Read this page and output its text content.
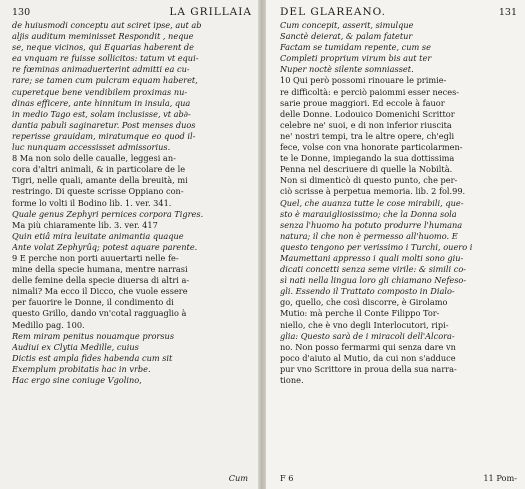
130	LA GRILLAIA
de huiusmodi conceptu aut sciret ipse, aut ab
aljis auditum meminisset Respondit , neque
se, neque vicinos, qui Equarias haberent de
ea vnquam re fuisse sollicitos: tatum vt equi-
re fœminas animaduerterint admitti ea cu-
rare; se tamen cum pulcram equam haberet,
cuperetque bene vendibilem proximas nu-
dinas efficere, ante hinnitum in insula, qua
in medio Tago est, solam inclusisse, vt ab∂-
dantia pabuli saginaretur. Post menses duos
reperisse grauidam, miratumque eo quod il-
luc nunquam accessisset admissorius.
8 Ma non solo delle caualle, leggesi an-
cora d'altri animali, & in particolare de le
Tigri, nelle quali, amante della breuità, mi
restringo. Di queste scrisse Oppiano con-
forme lo volti il Bodino lib. 1. ver. 341.
Quale genus Zephyri pernices corpora Tigres.
Ma più chiaramente lib. 3. ver. 417
Quin etiâ mira leuitate animantia quaque
Ante volat Zephyrûq; potest aquare parente.
9 E perche non porti auuertarti nelle fe-
mine della specie humana, mentre narrasi
delle femine della specie diuersa di altri a-
nimali? Ma ecco il Dicco, che vuole essere
per fauorire le Donne, il condimento di
questo Grillo, dando vn'cotal ragguaglio à
Medillo pag. 100.
Rem miram penitus nouamque prorsus
Audiui ex Clytia Medille, cuius
Dictis est ampla fides habenda cum sit
Exemplum probitatis hac in vrbe.
Hac ergo sine coniuge Vgolino,
Cum
DEL GLAREANO.	131
Cum concepit, asserit, simulque
Sanctè deierat, & palam fatetur
Factam se tumidam repente, cum se
Completi proprium virum bis aut ter
Nuper noctè silente somniasset.
10 Qui però possomi rinouare le primie-
re difficoltà: e perciò paiommi esser neces-
sarie proue maggiori. Ed eccole à fauor
delle Donne. Lodouico Domenichi Scrittor
celebre ne' suoi, e di non inferior riuscita
ne' nostri tempi, tra le altre opere, ch'egli
fece, volse con vna honorate particolarmen-
te le Donne, impiegando la sua dottissima
Penna nel descriuere di quelle la Nobiltà.
Non si dimenticò di questo punto, che per-
ciò scrisse à perpetua memoria. lib. 2 fol.99.
Quel, che auanza tutte le cose mirabili, que-
sto è marauigliosissimo; che la Donna sola
senza l'huomo ha potuto produrre l'humana
natura; il che non è permesso all'huomo. E
questo tengono per verissimo i Turchi, ouero i
Maumettani appresso i quali molti sono giu-
dicati concetti senza seme virile: & simili co-
sì nati nella lingua loro gli chiamano Nefeso-
gli. Essendo il Trattato composto in Dialo-
go, quello, che così discorre, è Girolamo
Mutio: mà perche il Conte Filippo Tor-
niello, che è vno degli Interlocutori, ripi-
glia: Questo sarà de i miracoli dell'Alcora-
no. Non posso fermarmi qui senza dare vn
poco d'aiuto al Mutio, da cui non s'adduce
pur vno Scrittore in proua della sua narra-
tione.
F 6	11 Pom-
